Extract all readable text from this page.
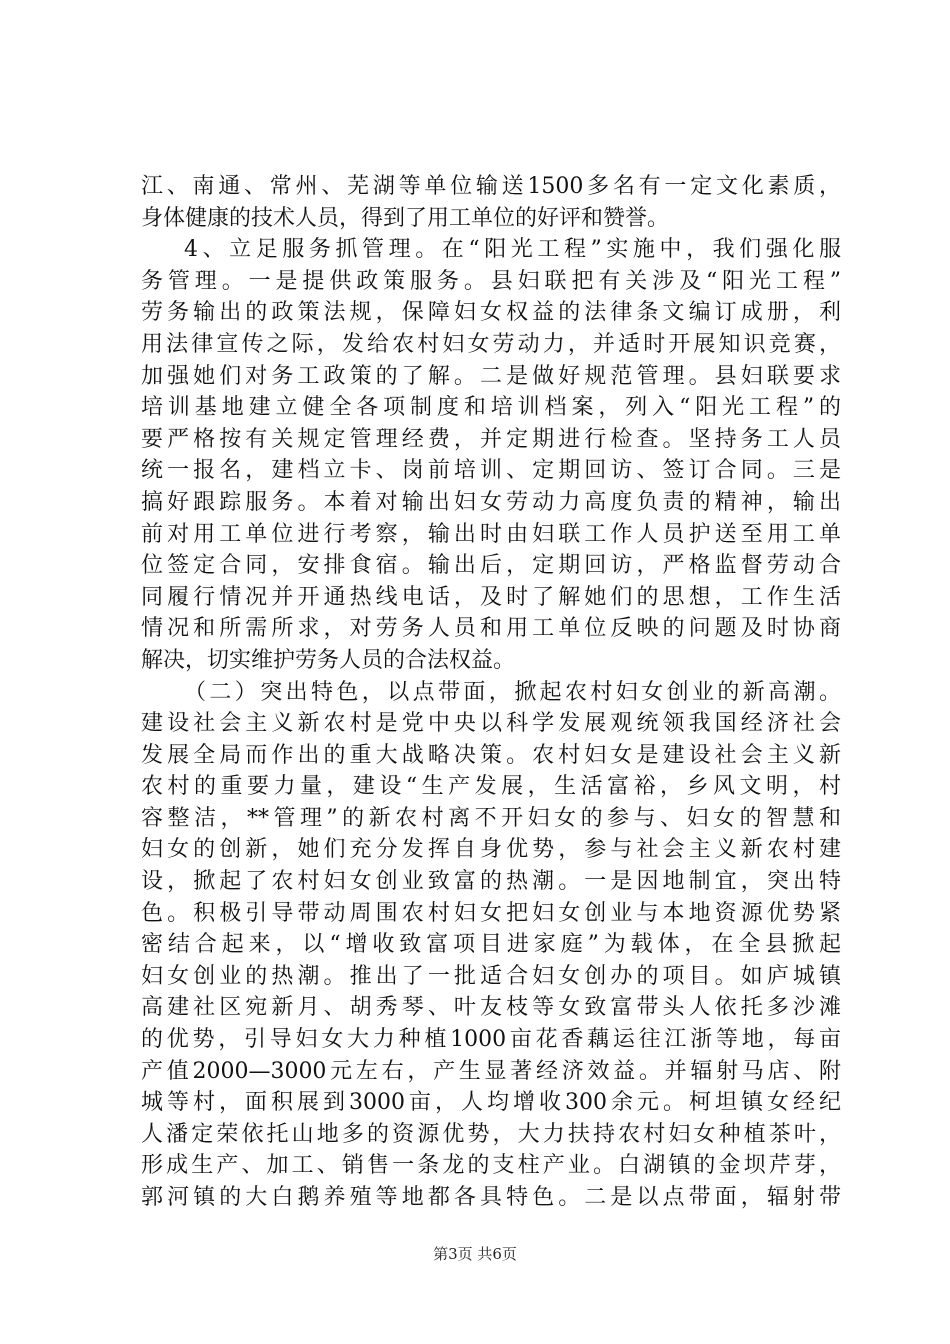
江、南通、常州、芜湖等单位输送1500多名有一定文化素质，
身体健康的技术人员，得到了用工单位的好评和赞誉。
4、立足服务抓管理。在“阳光工程”实施中，我们强化服
务管理。一是提供政策服务。县妇联把有关涉及“阳光工程”
劳务输出的政策法规，保障妇女权益的法律条文编订成册，利
用法律宣传之际，发给农村妇女劳动力，并适时开展知识竞赛，
加强她们对务工政策的了解。二是做好规范管理。县妇联要求
培训基地建立健全各项制度和培训档案，列入“阳光工程”的
要严格按有关规定管理经费，并定期进行检查。坚持务工人员
统一报名，建档立卡、岗前培训、定期回访、签订合同。三是
搞好跟踪服务。本着对输出妇女劳动力高度负责的精神，输出
前对用工单位进行考察，输出时由妇联工作人员护送至用工单
位签定合同，安排食宿。输出后，定期回访，严格监督劳动合
同履行情况并开通热线电话，及时了解她们的思想，工作生活
情况和所需所求，对劳务人员和用工单位反映的问题及时协商
解决，切实维护劳务人员的合法权益。
（二）突出特色，以点带面，掀起农村妇女创业的新高潮。
建设社会主义新农村是党中央以科学发展观统领我国经济社会
发展全局而作出的重大战略决策。农村妇女是建设社会主义新
农村的重要力量，建设“生产发展，生活富裕，乡风文明，村
容整洁，**管理”的新农村离不开妇女的参与、妇女的智慧和
妇女的创新，她们充分发挥自身优势，参与社会主义新农村建
设，掀起了农村妇女创业致富的热潮。一是因地制宜，突出特
色。积极引导带动周围农村妇女把妇女创业与本地资源优势紧
密结合起来，以“增收致富项目进家庭”为载体，在全县掀起
妇女创业的热潮。推出了一批适合妇女创办的项目。如庐城镇
高建社区宛新月、胡秀琴、叶友枝等女致富带头人依托多沙滩
的优势，引导妇女大力种植1000亩花香藕运往江浙等地，每亩
产值2000—3000元左右，产生显著经济效益。并辐射马店、附
城等村，面积展到3000亩，人均增收300余元。柯坦镇女经纪
人潘定荣依托山地多的资源优势，大力扶持农村妇女种植茶叶，
形成生产、加工、销售一条龙的支柱产业。白湖镇的金坝芹芽，
郭河镇的大白鹅养殖等地都各具特色。二是以点带面，辐射带
第3页 共6页
